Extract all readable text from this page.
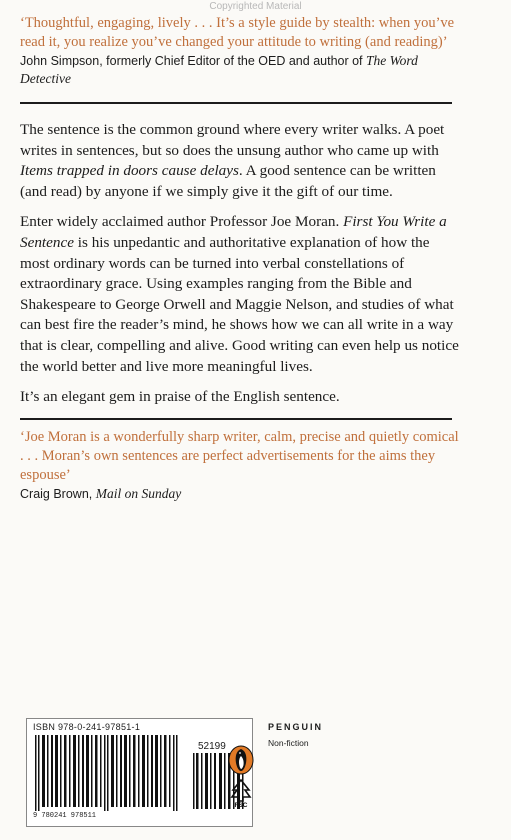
Copyrighted Material
‘Thoughtful, engaging, lively . . . It’s a style guide by stealth: when you’ve read it, you realize you’ve changed your attitude to writing (and reading)’
John Simpson, formerly Chief Editor of the OED and author of The Word Detective

The sentence is the common ground where every writer walks. A poet writes in sentences, but so does the unsung author who came up with Items trapped in doors cause delays. A good sentence can be written (and read) by anyone if we simply give it the gift of our time.

Enter widely acclaimed author Professor Joe Moran. First You Write a Sentence is his unpedantic and authoritative explanation of how the most ordinary words can be turned into verbal constellations of extraordinary grace. Using examples ranging from the Bible and Shakespeare to George Orwell and Maggie Nelson, and studies of what can best fire the reader’s mind, he shows how we can all write in a way that is clear, compelling and alive. Good writing can even help us notice the world better and live more meaningful lives.

It’s an elegant gem in praise of the English sentence.

‘Joe Moran is a wonderfully sharp writer, calm, precise and quietly comical . . . Moran’s own sentences are perfect advertisements for the aims they espouse’
Craig Brown, Mail on Sunday
ISBN 978-0-241-97851-1
52199
9 780241 978511
PENGUIN
Non-fiction
FSC
